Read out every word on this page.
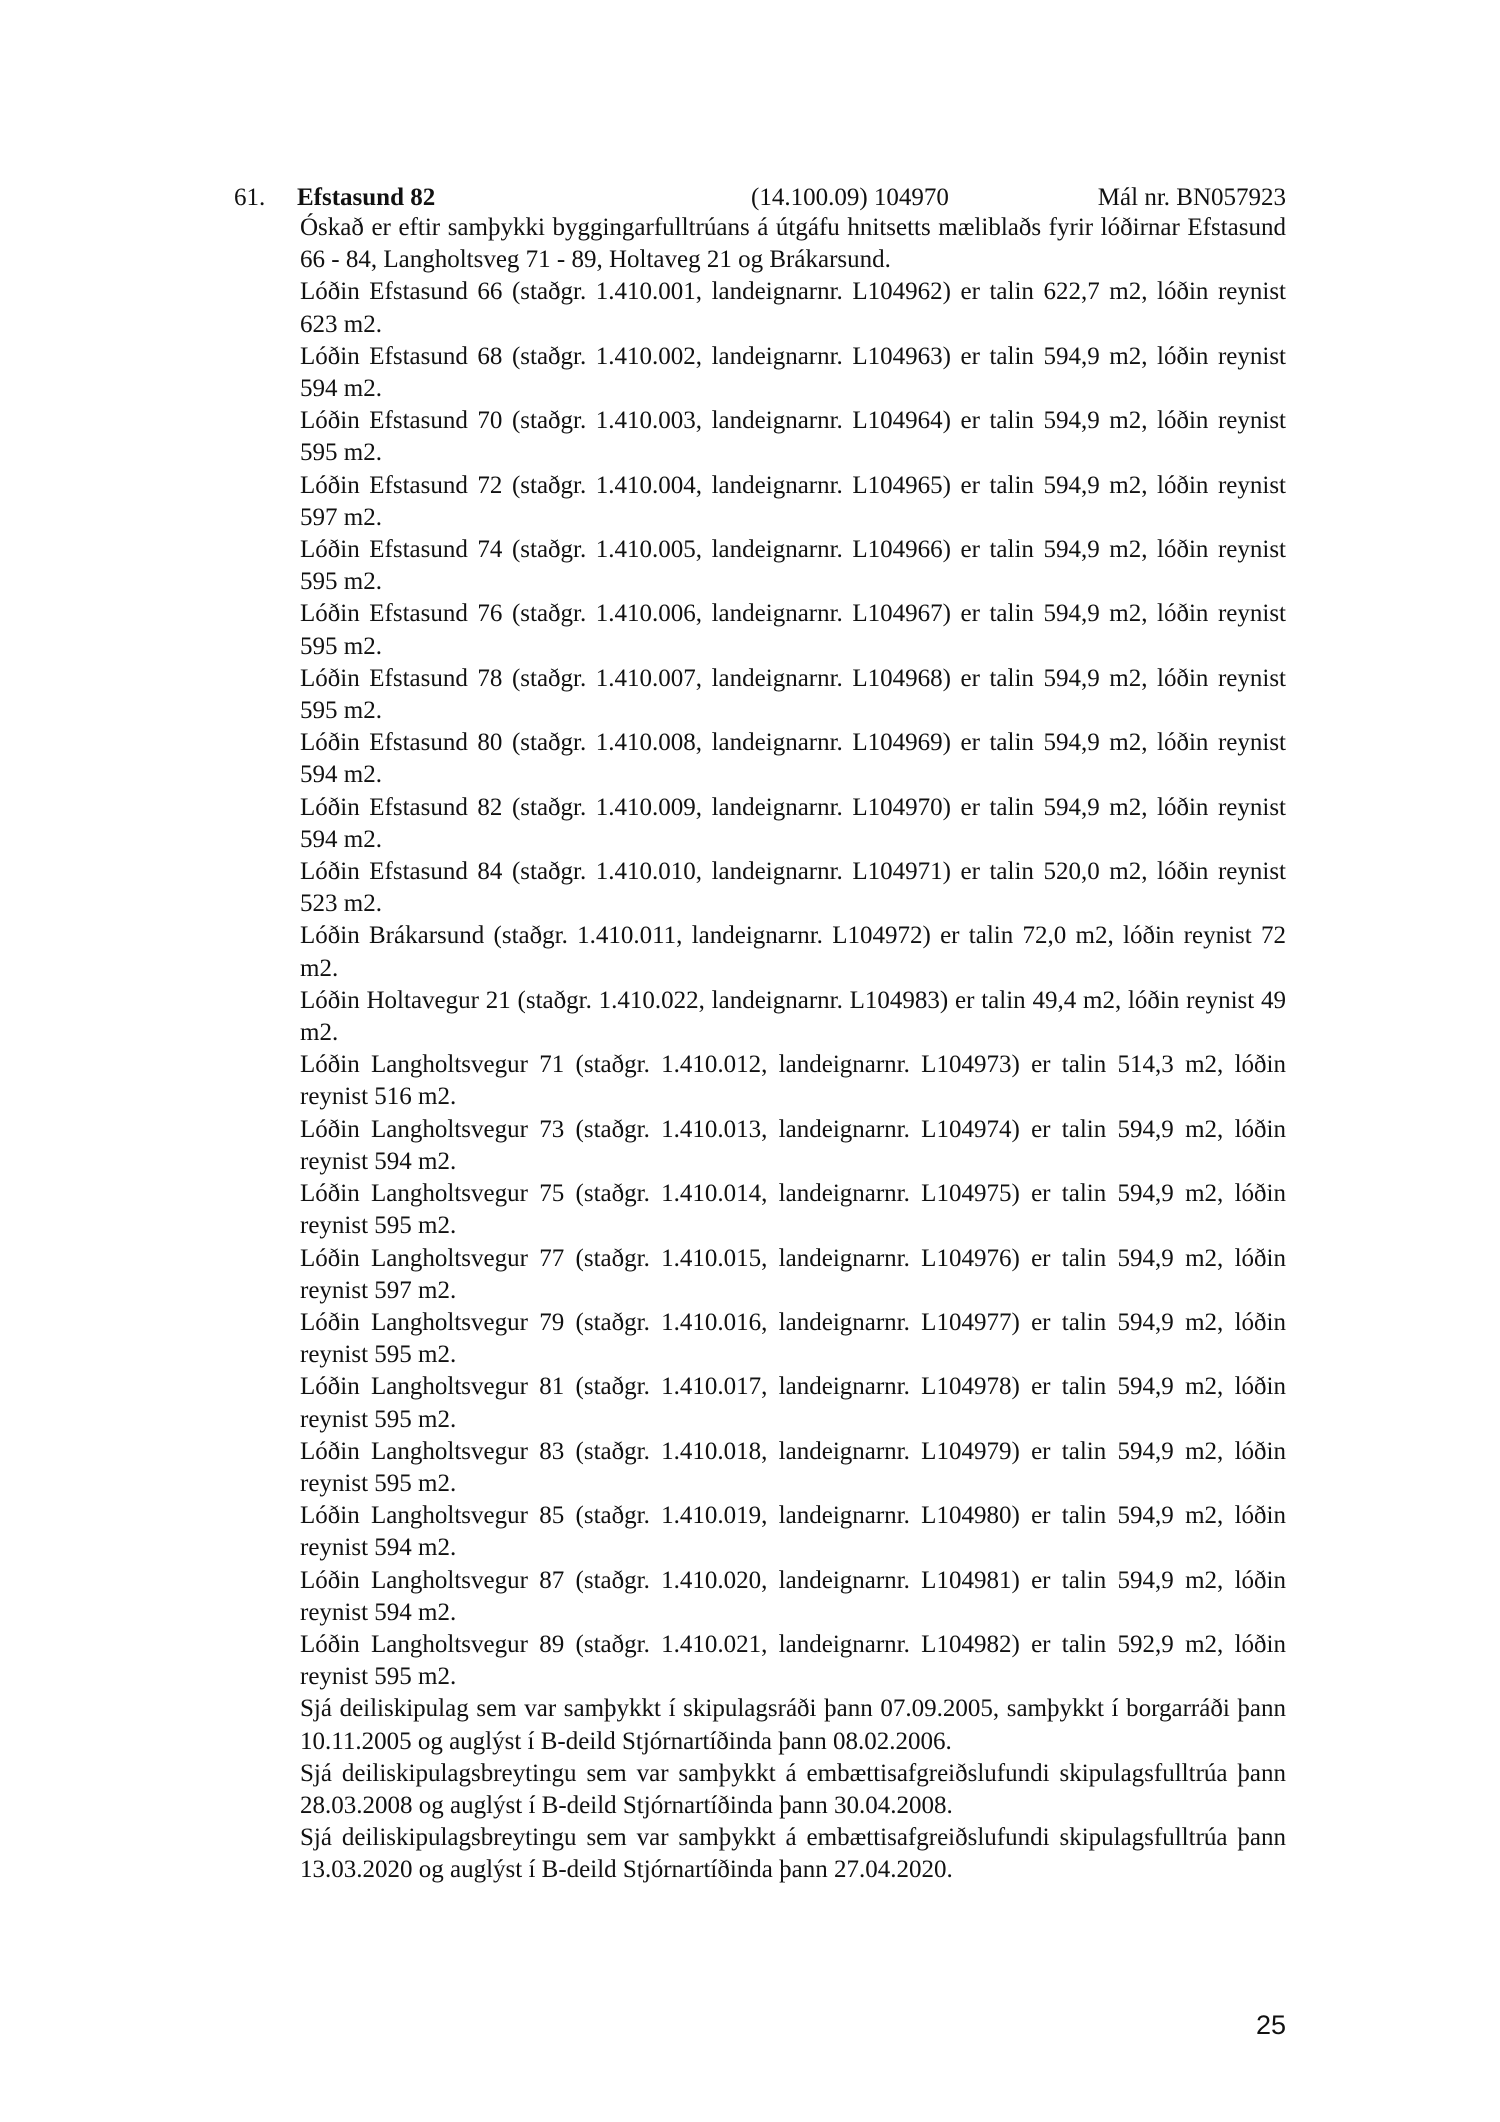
61. Efstasund 82	(14.100.09) 104970	Mál nr. BN057923

Óskað er eftir samþykki byggingarfulltrúans á útgáfu hnitsetts mæliblaðs fyrir lóðirnar Efstasund 66 - 84, Langholtsveg 71 - 89, Holtaveg 21 og Brákarsund.

Lóðin Efstasund 66 (staðgr. 1.410.001, landeignarnr. L104962) er talin 622,7 m2, lóðin reynist 623 m2.

Lóðin Efstasund 68 (staðgr. 1.410.002, landeignarnr. L104963) er talin 594,9 m2, lóðin reynist 594 m2.

Lóðin Efstasund 70 (staðgr. 1.410.003, landeignarnr. L104964) er talin 594,9 m2, lóðin reynist 595 m2.

Lóðin Efstasund 72 (staðgr. 1.410.004, landeignarnr. L104965) er talin 594,9 m2, lóðin reynist 597 m2.

Lóðin Efstasund 74 (staðgr. 1.410.005, landeignarnr. L104966) er talin 594,9 m2, lóðin reynist 595 m2.

Lóðin Efstasund 76 (staðgr. 1.410.006, landeignarnr. L104967) er talin 594,9 m2, lóðin reynist 595 m2.

Lóðin Efstasund 78 (staðgr. 1.410.007, landeignarnr. L104968) er talin 594,9 m2, lóðin reynist 595 m2.

Lóðin Efstasund 80 (staðgr. 1.410.008, landeignarnr. L104969) er talin 594,9 m2, lóðin reynist 594 m2.

Lóðin Efstasund 82 (staðgr. 1.410.009, landeignarnr. L104970) er talin 594,9 m2, lóðin reynist 594 m2.

Lóðin Efstasund 84 (staðgr. 1.410.010, landeignarnr. L104971) er talin 520,0 m2, lóðin reynist 523 m2.

Lóðin Brákarsund (staðgr. 1.410.011, landeignarnr. L104972) er talin 72,0 m2, lóðin reynist 72 m2.

Lóðin Holtavegur 21 (staðgr. 1.410.022, landeignarnr. L104983) er talin 49,4 m2, lóðin reynist 49 m2.

Lóðin Langholtsvegur 71 (staðgr. 1.410.012, landeignarnr. L104973) er talin 514,3 m2, lóðin reynist 516 m2.

Lóðin Langholtsvegur 73 (staðgr. 1.410.013, landeignarnr. L104974) er talin 594,9 m2, lóðin reynist 594 m2.

Lóðin Langholtsvegur 75 (staðgr. 1.410.014, landeignarnr. L104975) er talin 594,9 m2, lóðin reynist 595 m2.

Lóðin Langholtsvegur 77 (staðgr. 1.410.015, landeignarnr. L104976) er talin 594,9 m2, lóðin reynist 597 m2.

Lóðin Langholtsvegur 79 (staðgr. 1.410.016, landeignarnr. L104977) er talin 594,9 m2, lóðin reynist 595 m2.

Lóðin Langholtsvegur 81 (staðgr. 1.410.017, landeignarnr. L104978) er talin 594,9 m2, lóðin reynist 595 m2.

Lóðin Langholtsvegur 83 (staðgr. 1.410.018, landeignarnr. L104979) er talin 594,9 m2, lóðin reynist 595 m2.

Lóðin Langholtsvegur 85 (staðgr. 1.410.019, landeignarnr. L104980) er talin 594,9 m2, lóðin reynist 594 m2.

Lóðin Langholtsvegur 87 (staðgr. 1.410.020, landeignarnr. L104981) er talin 594,9 m2, lóðin reynist 594 m2.

Lóðin Langholtsvegur 89 (staðgr. 1.410.021, landeignarnr. L104982) er talin 592,9 m2, lóðin reynist 595 m2.

Sjá deiliskipulag sem var samþykkt í skipulagsráði þann 07.09.2005, samþykkt í borgarráði þann 10.11.2005 og auglýst í B-deild Stjórnartíðinda þann 08.02.2006.

Sjá deiliskipulagsbreytingu sem var samþykkt á embættisafgreiðslufundi skipulagsfulltrúa þann 28.03.2008 og auglýst í B-deild Stjórnartíðinda þann 30.04.2008.

Sjá deiliskipulagsbreytingu sem var samþykkt á embættisafgreiðslufundi skipulagsfulltrúa þann 13.03.2020 og auglýst í B-deild Stjórnartíðinda þann 27.04.2020.

25
